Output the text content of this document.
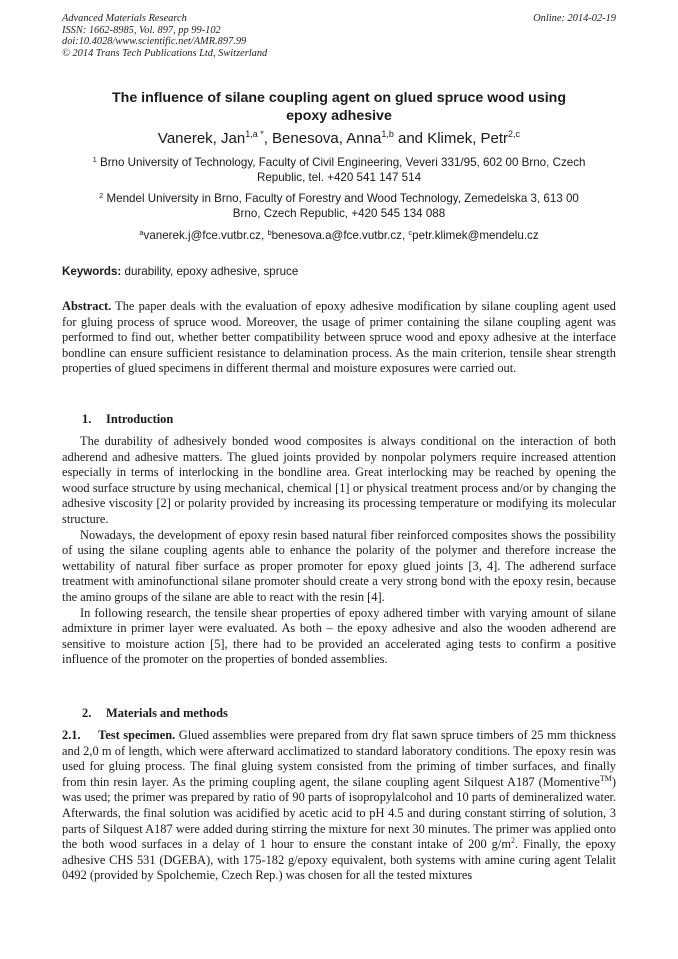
Advanced Materials Research
ISSN: 1662-8985, Vol. 897, pp 99-102
doi:10.4028/www.scientific.net/AMR.897.99
© 2014 Trans Tech Publications Ltd, Switzerland
Online: 2014-02-19
The influence of silane coupling agent on glued spruce wood using
epoxy adhesive
Vanerek, Jan$^{1,a *}$, Benesova, Anna$^{1,b}$ and Klimek, Petr$^{2,c}$
$^1$ Brno University of Technology, Faculty of Civil Engineering, Veveri 331/95, 602 00 Brno, Czech
Republic, tel. +420 541 147 514
$^2$ Mendel University in Brno, Faculty of Forestry and Wood Technology, Zemedelska 3, 613 00
Brno, Czech Republic, +420 545 134 088
$^a$vanerek.j@fce.vutbr.cz, $^b$benesova.a@fce.vutbr.cz, $^c$petr.klimek@mendelu.cz
Keywords: durability, epoxy adhesive, spruce

Abstract. The paper deals with the evaluation of epoxy adhesive modification by silane coupling agent used for gluing process of spruce wood. Moreover, the usage of primer containing the silane coupling agent was performed to find out, whether better compatibility between spruce wood and epoxy adhesive at the interface bondline can ensure sufficient resistance to delamination process. As the main criterion, tensile shear strength properties of glued specimens in different thermal and moisture exposures were carried out.

1. Introduction

The durability of adhesively bonded wood composites is always conditional on the interaction of both adherend and adhesive matters. The glued joints provided by nonpolar polymers require increased attention especially in terms of interlocking in the bondline area. Great interlocking may be reached by opening the wood surface structure by using mechanical, chemical [1] or physical treatment process and/or by changing the adhesive viscosity [2] or polarity provided by increasing its processing temperature or modifying its molecular structure.

Nowadays, the development of epoxy resin based natural fiber reinforced composites shows the possibility of using the silane coupling agents able to enhance the polarity of the polymer and therefore increase the wettability of natural fiber surface as proper promoter for epoxy glued joints [3, 4]. The adherend surface treatment with aminofunctional silane promoter should create a very strong bond with the epoxy resin, because the amino groups of the silane are able to react with the resin [4].

In following research, the tensile shear properties of epoxy adhered timber with varying amount of silane admixture in primer layer were evaluated. As both – the epoxy adhesive and also the wooden adherend are sensitive to moisture action [5], there had to be provided an accelerated aging tests to confirm a positive influence of the promoter on the properties of bonded assemblies.

2. Materials and methods

2.1. Test specimen. Glued assemblies were prepared from dry flat sawn spruce timbers of 25 mm thickness and 2,0 m of length, which were afterward acclimatized to standard laboratory conditions. The epoxy resin was used for gluing process. The final gluing system consisted from the priming of timber surfaces, and finally from thin resin layer. As the priming coupling agent, the silane coupling agent Silquest A187 (Momentive™) was used; the primer was prepared by ratio of 90 parts of isopropylalcohol and 10 parts of demineralized water. Afterwards, the final solution was acidified by acetic acid to pH 4.5 and during constant stirring of solution, 3 parts of Silquest A187 were added during stirring the mixture for next 30 minutes. The primer was applied onto the both wood surfaces in a delay of 1 hour to ensure the constant intake of 200 $g/m^2$. Finally, the epoxy adhesive CHS 531 (DGEBA), with 175-182 g/epoxy equivalent, both systems with amine curing agent Telalit 0492 (provided by Spolchemie, Czech Rep.) was chosen for all the tested mixtures
